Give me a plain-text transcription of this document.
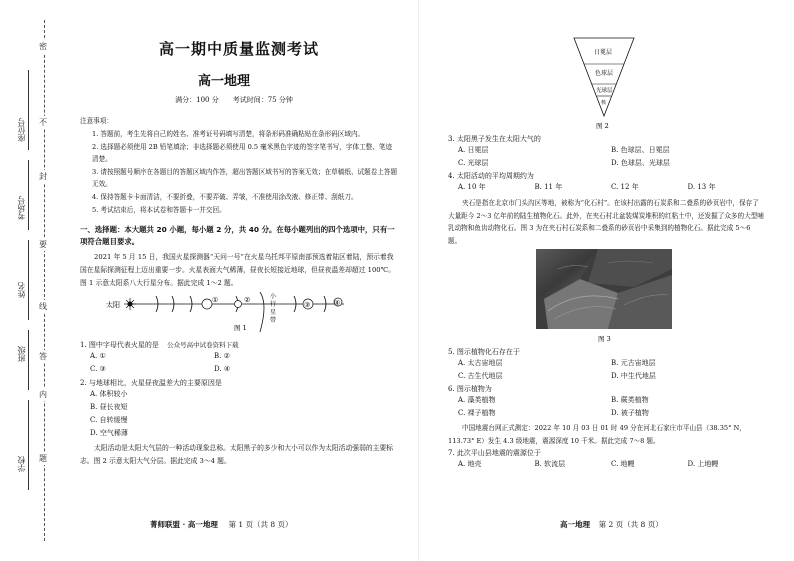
座位号
考场号
姓名
班级
学校
密
封
线
内
不
要
答
题
高一期中质量监测考试
高一地理
满分：100 分　　考试时间：75 分钟

注意事项：

1. 答题前，考生先将自己的姓名、准考证号码填写清楚，将条形码准确粘贴在条形码区域内。

2. 选择题必须使用 2B 铅笔填涂；非选择题必须使用 0.5 毫米黑色字迹的签字笔书写，字体工整、笔迹清楚。

3. 请按照题号顺序在各题目的答题区域内作答，超出答题区域书写的答案无效；在草稿纸、试题卷上答题无效。

4. 保持答题卡卡面清洁，不要折叠，不要弄破、弄皱，不准使用涂改液、修正带、刮纸刀。

5. 考试结束后，将本试卷和答题卡一并交回。

一、选择题：本大题共 20 小题，每小题 2 分，共 40 分。在每小题列出的四个选项中，只有一项符合题目要求。
2021 年 5 月 15 日，我国火星探测器“天问一号”在火星乌托邦平原南部预选着陆区着陆，预示着我国在星际探测征程上迈出重要一步。火星表面大气稀薄，昼夜长短接近地球，但昼夜温差却超过 100℃。图 1 示意太阳系八大行星分布。据此完成 1～2 题。
太阳
①	②	小行星带
③	④
图 1
1. 图中字母代表火星的是 公众号高中试卷资料下载
A. ①	B. ②
C. ③	D. ④
2. 与地球相比，火星昼夜温差大的主要原因是
A. 体积较小
B. 昼长夜短
C. 自转缓慢
D. 空气稀薄
太阳活动是太阳大气层的一种活动现象总称。太阳黑子的多少和大小可以作为太阳活动强弱的主要标志。图 2 示意太阳大气分层。据此完成 3～4 题。
菁师联盟 · 高一地理 第 1 页（共 8 页）
日冕层
色球层
光球层
核
图 2
3. 太阳黑子发生在太阳大气的
A. 日冕层	B. 色球层、日冕层
C. 光球层	D. 色球层、光球层
4. 太阳活动的平均周期约为
A. 10 年	B. 11 年	C. 12 年	D. 13 年
夹石是指在北京市门头沟区等地，被称为“化石村”。在该村出露的石炭系和二叠系的砂页岩中，保存了大量距今 2～3 亿年前的陆生植物化石。此外，在夹石村北盆装煤炭堆积的红粘土中，还发掘了众多的大型哺乳动物和鱼齿动物化石。图 3 为在夹石村石炭系和二叠系的砂页岩中采集到的植物化石。据此完成 5～6 题。
图 3
5. 图示植物化石存在于
A. 太古宙地层	B. 元古宙地层
C. 古生代地层	D. 中生代地层
6. 图示植物为
A. 藻类植物	B. 蕨类植物
C. 裸子植物	D. 被子植物
中国地震台网正式测定：2022 年 10 月 03 日 01 时 49 分在河北石家庄市平山县（38.35° N，113.73° E）发生 4.3 级地震，震源深度 10 千米。据此完成 7～8 题。
7. 此次平山县地震的震源位于
A. 地壳	B. 软流层	C. 地幔	D. 上地幔
高一地理 第 2 页（共 8 页）
